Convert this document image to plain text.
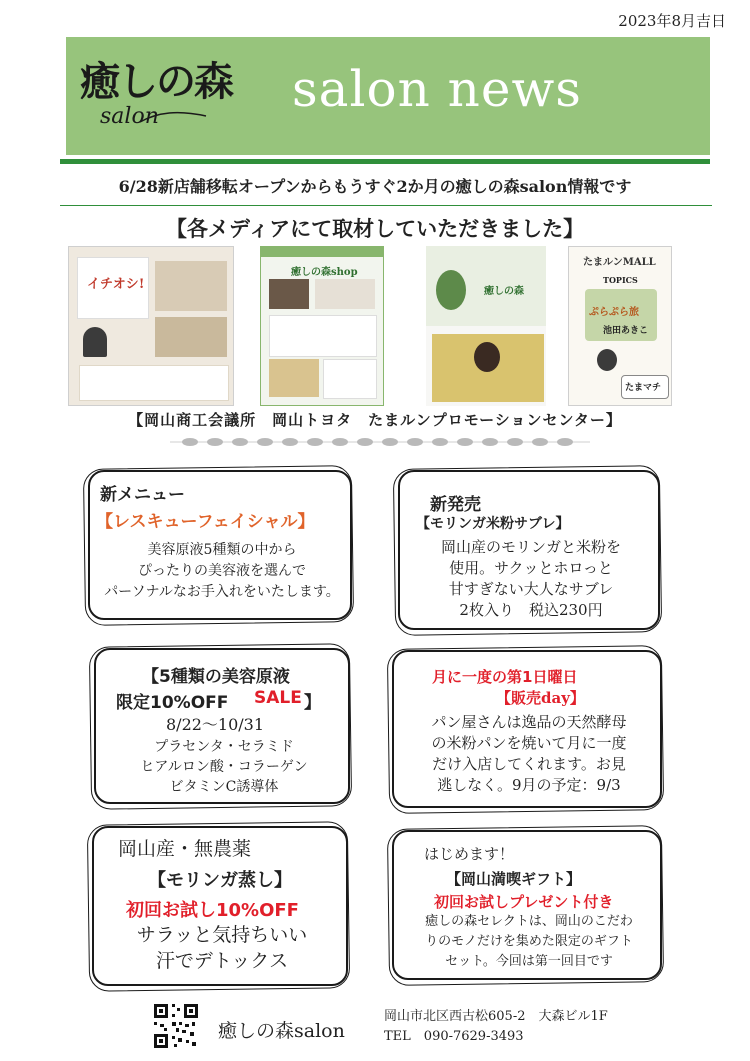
2023年8月吉日
癒しの森
salon	salon news
6/28新店舗移転オープンからもうすぐ2か月の癒しの森salon情報です
【各メディアにて取材していただきました】
イチオシ!
癒しの森shop
癒しの森
たまルンMALL
TOPICS
ぷらぷら旅
池田あきこ
たまマチ
【岡山商工会議所　岡山トヨタ　たまルンプロモーションセンター】
新メニュー
【レスキューフェイシャル】
美容原液5種類の中から
ぴったりの美容液を選んで
パーソナルなお手入れをいたします。
新発売
【モリンガ米粉サブレ】
岡山産のモリンガと米粉を
使用。サクッとホロっと
甘すぎない大人なサブレ
2枚入り　税込230円
【5種類の美容原液
限定10%OFF SALE 】
8/22～10/31
プラセンタ・セラミド
ヒアルロン酸・コラーゲン
ビタミンC誘導体
月に一度の第1日曜日
【販売day】
パン屋さんは逸品の天然酵母
の米粉パンを焼いて月に一度
だけ入店してくれます。お見
逃しなく。9月の予定：9/3
岡山産・無農薬
【モリンガ蒸し】
初回お試し10%OFF
サラッと気持ちいい
汗でデトックス
はじめます！
【岡山満喫ギフト】
初回お試しプレゼント付き
癒しの森セレクトは、岡山のこだわ
りのモノだけを集めた限定のギフト
セット。今回は第一回目です
癒しの森salon
岡山市北区西古松605-2　大森ビル1F
TEL　090-7629-3493
